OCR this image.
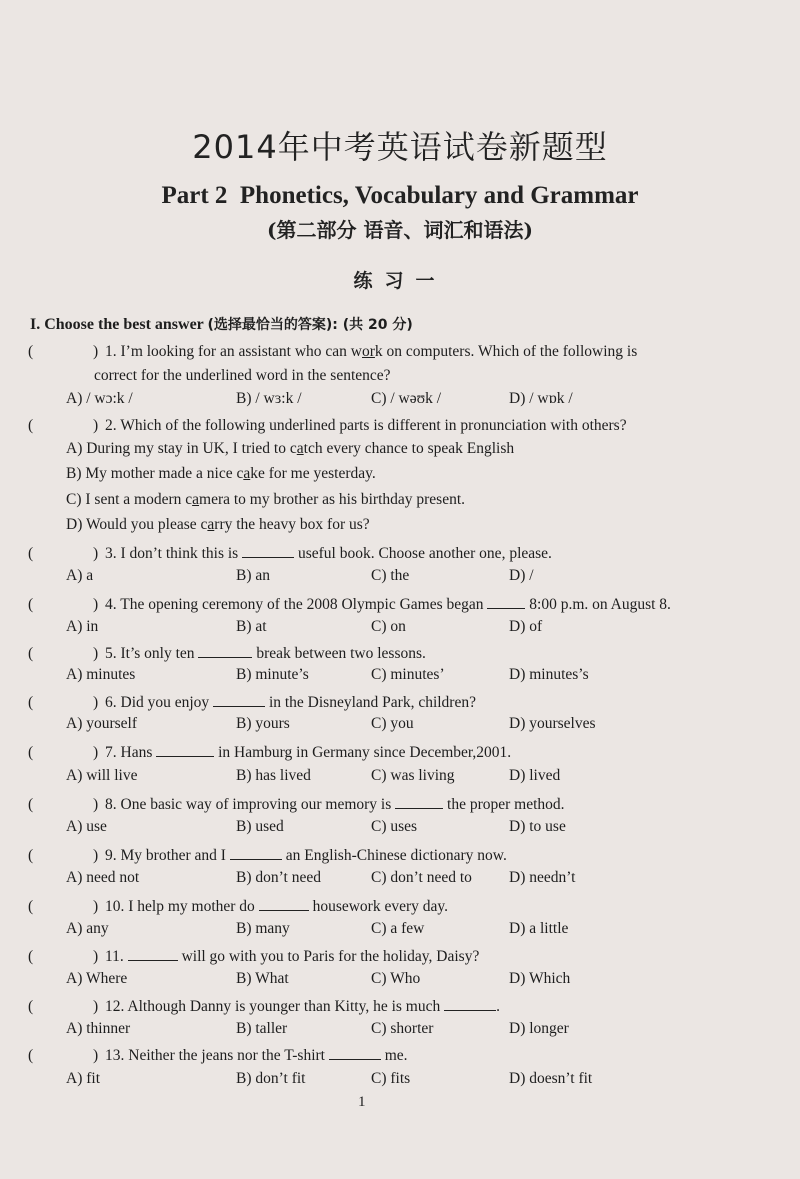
2014年中考英语试卷新题型
Part 2  Phonetics, Vocabulary and Grammar
(第二部分 语音、词汇和语法)
练习一
I. Choose the best answer (选择最恰当的答案): (共 20 分)
(	) 1. I’m looking for an assistant who can work on computers. Which of the following is
correct for the underlined word in the sentence?
A) / wɔ:k /	B) / wɜ:k /	C) / wəʊk /	D) / wɒk /
(	) 2. Which of the following underlined parts is different in pronunciation with others?
A) During my stay in UK, I tried to catch every chance to speak English
B) My mother made a nice cake for me yesterday.
C) I sent a modern camera to my brother as his birthday present.
D) Would you please carry the heavy box for us?
(	) 3. I don’t think this is	useful book. Choose another one, please.
A) a	B) an	C) the	D) /
(	) 4. The opening ceremony of the 2008 Olympic Games began  8:00 p.m. on August 8.
A) in	B) at	C) on	D) of
(	) 5. It’s only ten	break between two lessons.
A) minutes	B) minute’s	C) minutes’	D) minutes’s
(	) 6. Did you enjoy	in the Disneyland Park, children?
A) yourself	B) yours	C) you	D) yourselves
(	) 7. Hans	in Hamburg in Germany since December,2001.
A) will live	B) has lived	C) was living	D) lived
(	) 8. One basic way of improving our memory is	the proper method.
A) use	B) used	C) uses	D) to use
(	) 9. My brother and I	an English-Chinese dictionary now.
A) need not	B) don’t need	C) don’t need to D) needn’t
(	) 10. I help my mother do	housework every day.
A) any	B) many	C) a few	D) a little
(	) 11.	will go with you to Paris for the holiday, Daisy?
A) Where	B) What	C) Who	D) Which
(	) 12. Although Danny is younger than Kitty, he is much	.
A) thinner	B) taller	C) shorter	D) longer
(	) 13. Neither the jeans nor the T-shirt	me.
A) fit	B) don’t fit	C) fits	D) doesn’t fit
1
